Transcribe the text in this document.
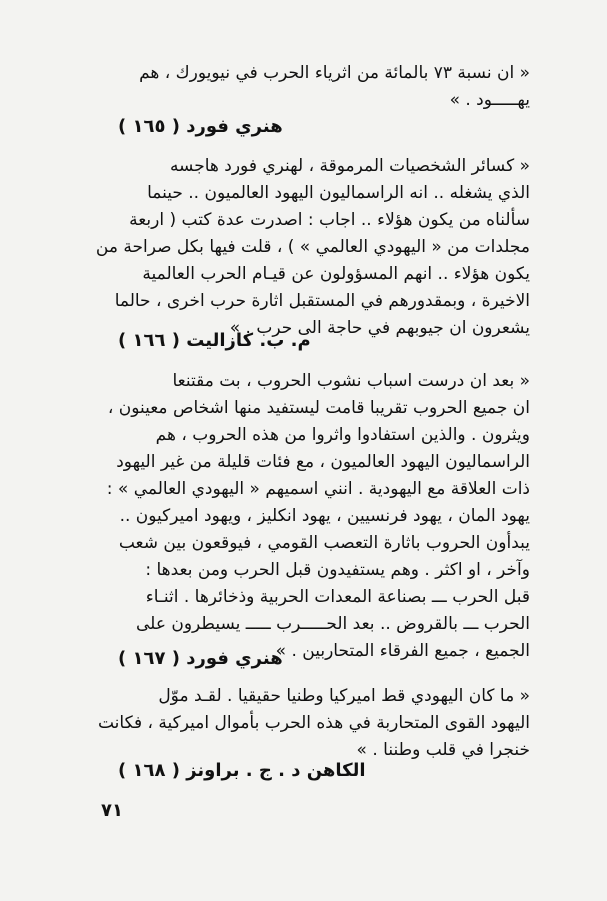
« ان نسبة ٧٣ بالمائة من اثرياء الحرب في نيويورك ، هم
يهـــــود . »
هنري فورد ( ١٦٥ )
« كسائر الشخصيات المرموقة ، لهنري فورد هاجسه
الذي يشغله .. انه الراسماليون اليهود العالميون .. حينما
سألناه من يكون هؤلاء .. اجاب : اصدرت عدة كتب ( اربعة
مجلدات من « اليهودي العالمي » ) ، قلت فيها بكل صراحة من
يكون هؤلاء .. انهم المسؤولون عن قيـام الحرب العالمية
الاخيرة ، وبمقدورهم في المستقبل اثارة حرب اخرى ، حالما
يشعرون ان جيوبهم في حاجة الى حرب . »
م. ب. كازاليت ( ١٦٦ )
« بعد ان درست اسباب نشوب الحروب ، بت مقتنعا
ان جميع الحروب تقريبا قامت ليستفيد منها اشخاص معينون ،
ويثرون . والذين استفادوا واثروا من هذه الحروب ، هم
الراسماليون اليهود العالميون ، مع فئات قليلة من غير اليهود
ذات العلاقة مع اليهودية . انني اسميهم « اليهودي العالمي » :
يهود المان ، يهود فرنسيين ، يهود انكليز ، ويهود اميركيون ..
يبدأون الحروب باثارة التعصب القومي ، فيوقعون بين شعب
وآخر ، او اكثر . وهم يستفيدون قبل الحرب ومن بعدها :
قبل الحرب ـــ بصناعة المعدات الحربية وذخائرها . اثنـاء
الحرب ـــ بالقروض .. بعد الحـــــرب ـــــ يسيطرون على
الجميع ، جميع الفرقاء المتحاربين . »
هنري فورد ( ١٦٧ )
« ما كان اليهودي قط اميركيا وطنيا حقيقيا . لقـد موّل
اليهود القوى المتحاربة في هذه الحرب بأموال اميركية ، فكانت
خنجرا في قلب وطننا . »
الكاهن د . ج . براونز ( ١٦٨ )
٧١
